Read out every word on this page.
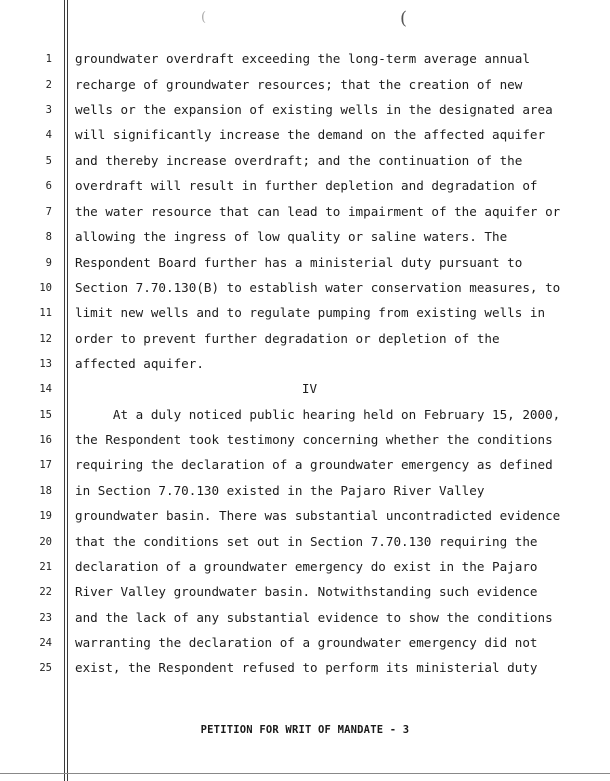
(	(
1
2
3
4
5
6
7
8
9
10
11
12
13
14
15
16
17
18
19
20
21
22
23
24
25
groundwater overdraft exceeding the long-term average annual
recharge of groundwater resources; that the creation of new
wells or the expansion of existing wells in the designated area
will significantly increase the demand on the affected aquifer
and thereby increase overdraft; and the continuation of the
overdraft will result in further depletion and degradation of
the water resource that can lead to impairment of the aquifer or
allowing the ingress of low quality or saline waters. The
Respondent Board further has a ministerial duty pursuant to
Section 7.70.130(B) to establish water conservation measures, to
limit new wells and to regulate pumping from existing wells in
order to prevent further degradation or depletion of the
affected aquifer.
IV
At a duly noticed public hearing held on February 15, 2000,
the Respondent took testimony concerning whether the conditions
requiring the declaration of a groundwater emergency as defined
in Section 7.70.130 existed in the Pajaro River Valley
groundwater basin. There was substantial uncontradicted evidence
that the conditions set out in Section 7.70.130 requiring the
declaration of a groundwater emergency do exist in the Pajaro
River Valley groundwater basin. Notwithstanding such evidence
and the lack of any substantial evidence to show the conditions
warranting the declaration of a groundwater emergency did not
exist, the Respondent refused to perform its ministerial duty
PETITION FOR WRIT OF MANDATE - 3
